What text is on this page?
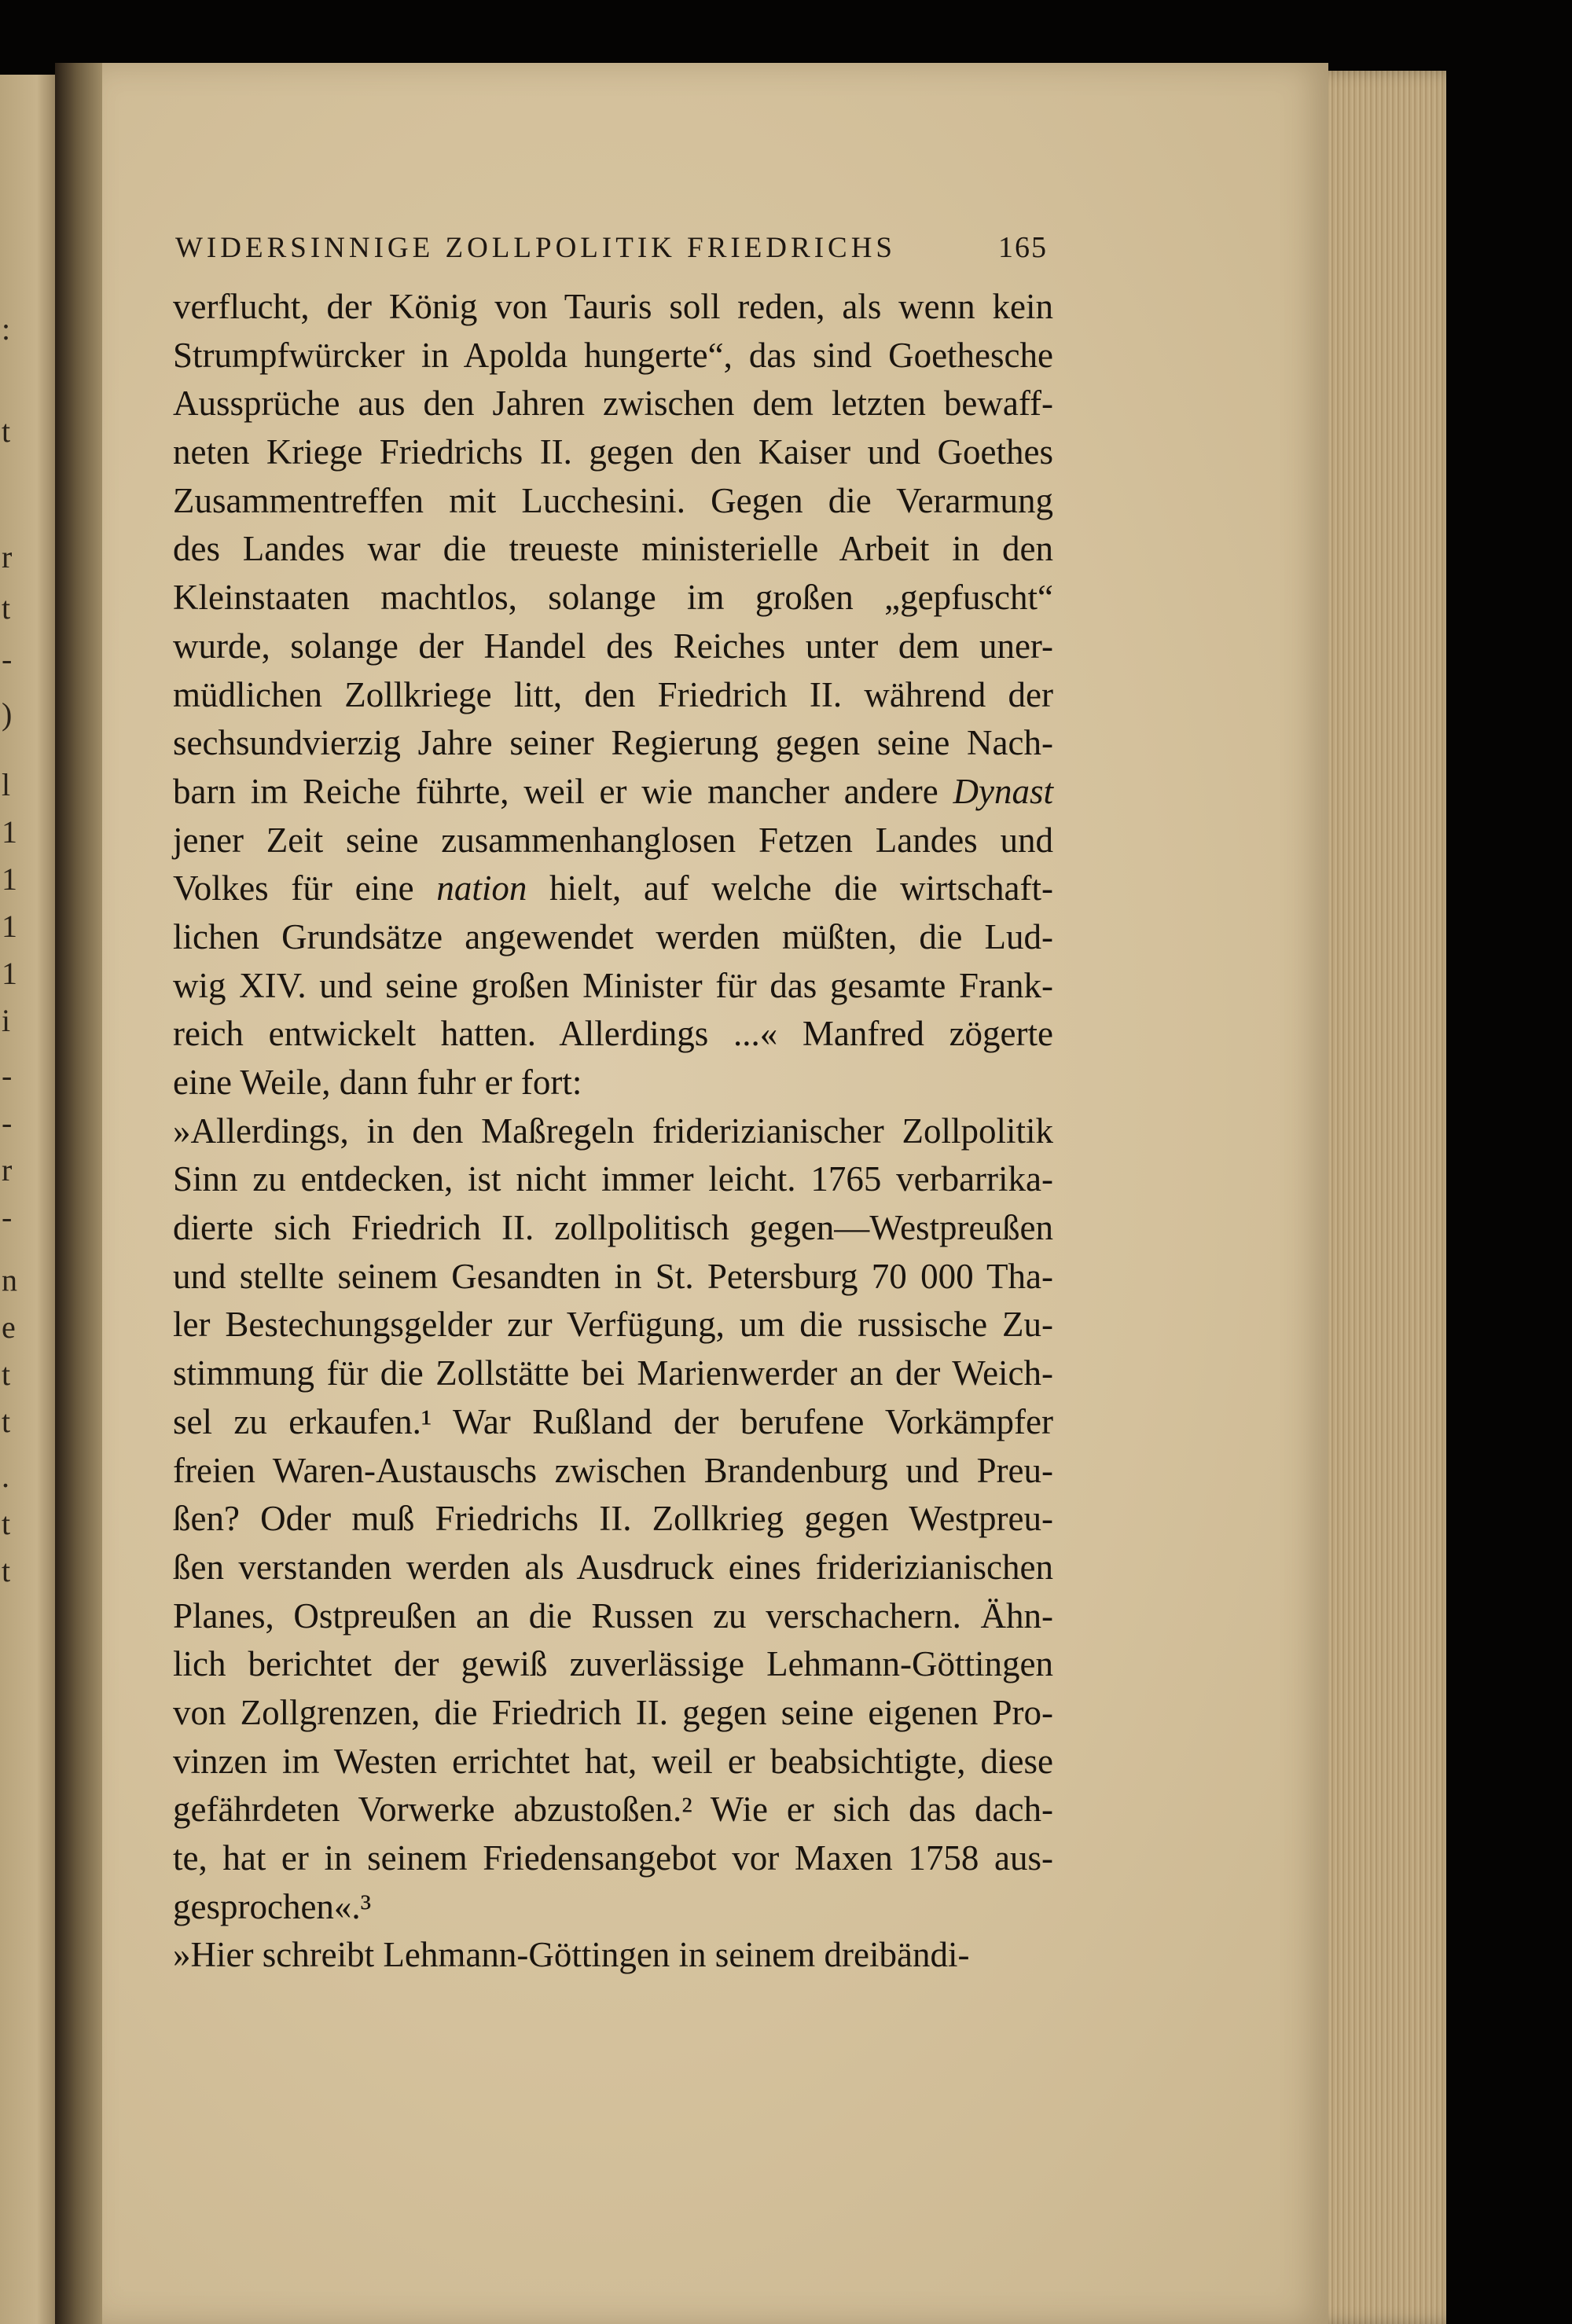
:
t
r
t
-
)
l
1
1
1
1
i
-
-
r
-
n
e
t
t
.
t
t
WIDERSINNIGE ZOLLPOLITIK FRIEDRICHS	165
verflucht, der König von Tauris soll reden, als wenn kein
Strumpfwürcker in Apolda hungerte“, das sind Goethesche
Aussprüche aus den Jahren zwischen dem letzten bewaff-
neten Kriege Friedrichs II. gegen den Kaiser und Goethes
Zusammentreffen mit Lucchesini. Gegen die Verarmung
des Landes war die treueste ministerielle Arbeit in den
Kleinstaaten machtlos, solange im großen „gepfuscht“
wurde, solange der Handel des Reiches unter dem uner-
müdlichen Zollkriege litt, den Friedrich II. während der
sechsundvierzig Jahre seiner Regierung gegen seine Nach-
barn im Reiche führte, weil er wie mancher andere Dynast
jener Zeit seine zusammenhanglosen Fetzen Landes und
Volkes für eine nation hielt, auf welche die wirtschaft-
lichen Grundsätze angewendet werden müßten, die Lud-
wig XIV. und seine großen Minister für das gesamte Frank-
reich entwickelt hatten. Allerdings ...« Manfred zögerte
eine Weile, dann fuhr er fort:
»Allerdings, in den Maßregeln friderizianischer Zollpolitik
Sinn zu entdecken, ist nicht immer leicht. 1765 verbarrika-
dierte sich Friedrich II. zollpolitisch gegen—Westpreußen
und stellte seinem Gesandten in St. Petersburg 70 000 Tha-
ler Bestechungsgelder zur Verfügung, um die russische Zu-
stimmung für die Zollstätte bei Marienwerder an der Weich-
sel zu erkaufen.¹ War Rußland der berufene Vorkämpfer
freien Waren-Austauschs zwischen Brandenburg und Preu-
ßen? Oder muß Friedrichs II. Zollkrieg gegen Westpreu-
ßen verstanden werden als Ausdruck eines friderizianischen
Planes, Ostpreußen an die Russen zu verschachern. Ähn-
lich berichtet der gewiß zuverlässige Lehmann-Göttingen
von Zollgrenzen, die Friedrich II. gegen seine eigenen Pro-
vinzen im Westen errichtet hat, weil er beabsichtigte, diese
gefährdeten Vorwerke abzustoßen.² Wie er sich das dach-
te, hat er in seinem Friedensangebot vor Maxen 1758 aus-
gesprochen«.³
»Hier schreibt Lehmann-Göttingen in seinem dreibändi-
